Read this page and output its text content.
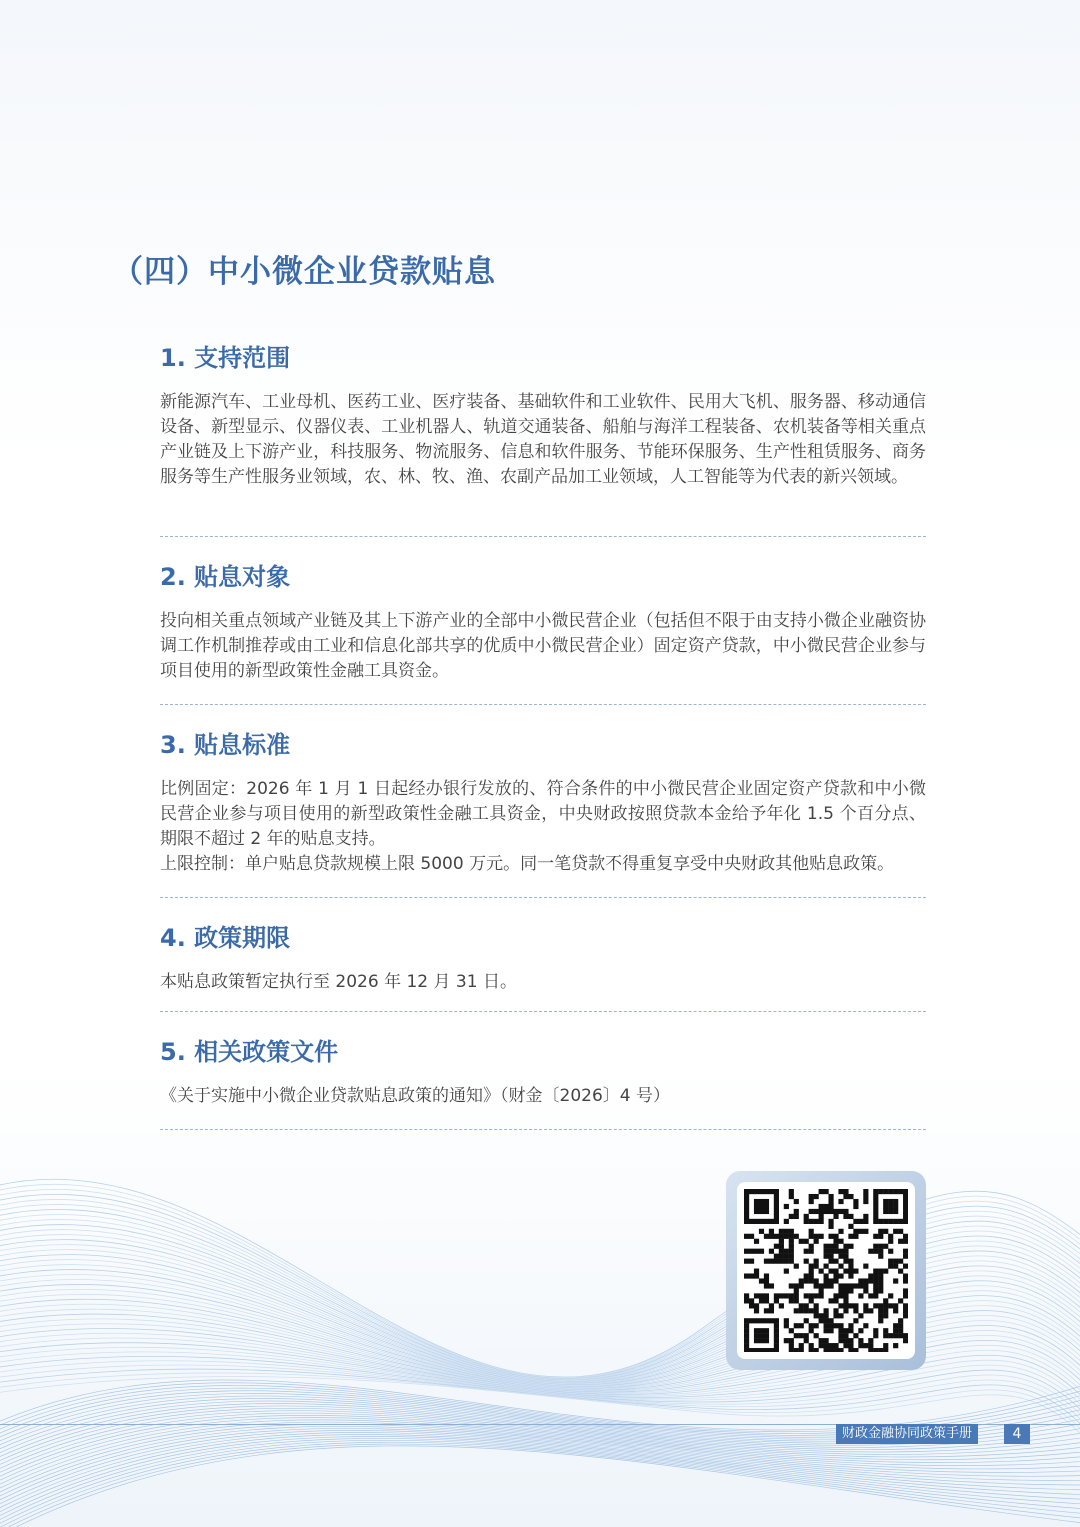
（四）中小微企业贷款贴息
1. 支持范围

新能源汽车、工业母机、医药工业、医疗装备、基础软件和工业软件、民用大飞机、服务器、移动通信设备、新型显示、仪器仪表、工业机器人、轨道交通装备、船舶与海洋工程装备、农机装备等相关重点产业链及上下游产业，科技服务、物流服务、信息和软件服务、节能环保服务、生产性租赁服务、商务服务等生产性服务业领域，农、林、牧、渔、农副产品加工业领域，人工智能等为代表的新兴领域。

2. 贴息对象

投向相关重点领域产业链及其上下游产业的全部中小微民营企业（包括但不限于由支持小微企业融资协调工作机制推荐或由工业和信息化部共享的优质中小微民营企业）固定资产贷款，中小微民营企业参与项目使用的新型政策性金融工具资金。

3. 贴息标准

比例固定：2026 年 1 月 1 日起经办银行发放的、符合条件的中小微民营企业固定资产贷款和中小微民营企业参与项目使用的新型政策性金融工具资金，中央财政按照贷款本金给予年化 1.5 个百分点、期限不超过 2 年的贴息支持。

上限控制：单户贴息贷款规模上限 5000 万元。同一笔贷款不得重复享受中央财政其他贴息政策。

4. 政策期限

本贴息政策暂定执行至 2026 年 12 月 31 日。

5. 相关政策文件

《关于实施中小微企业贷款贴息政策的通知》（财金〔2026〕4 号）

财政金融协同政策手册	4
